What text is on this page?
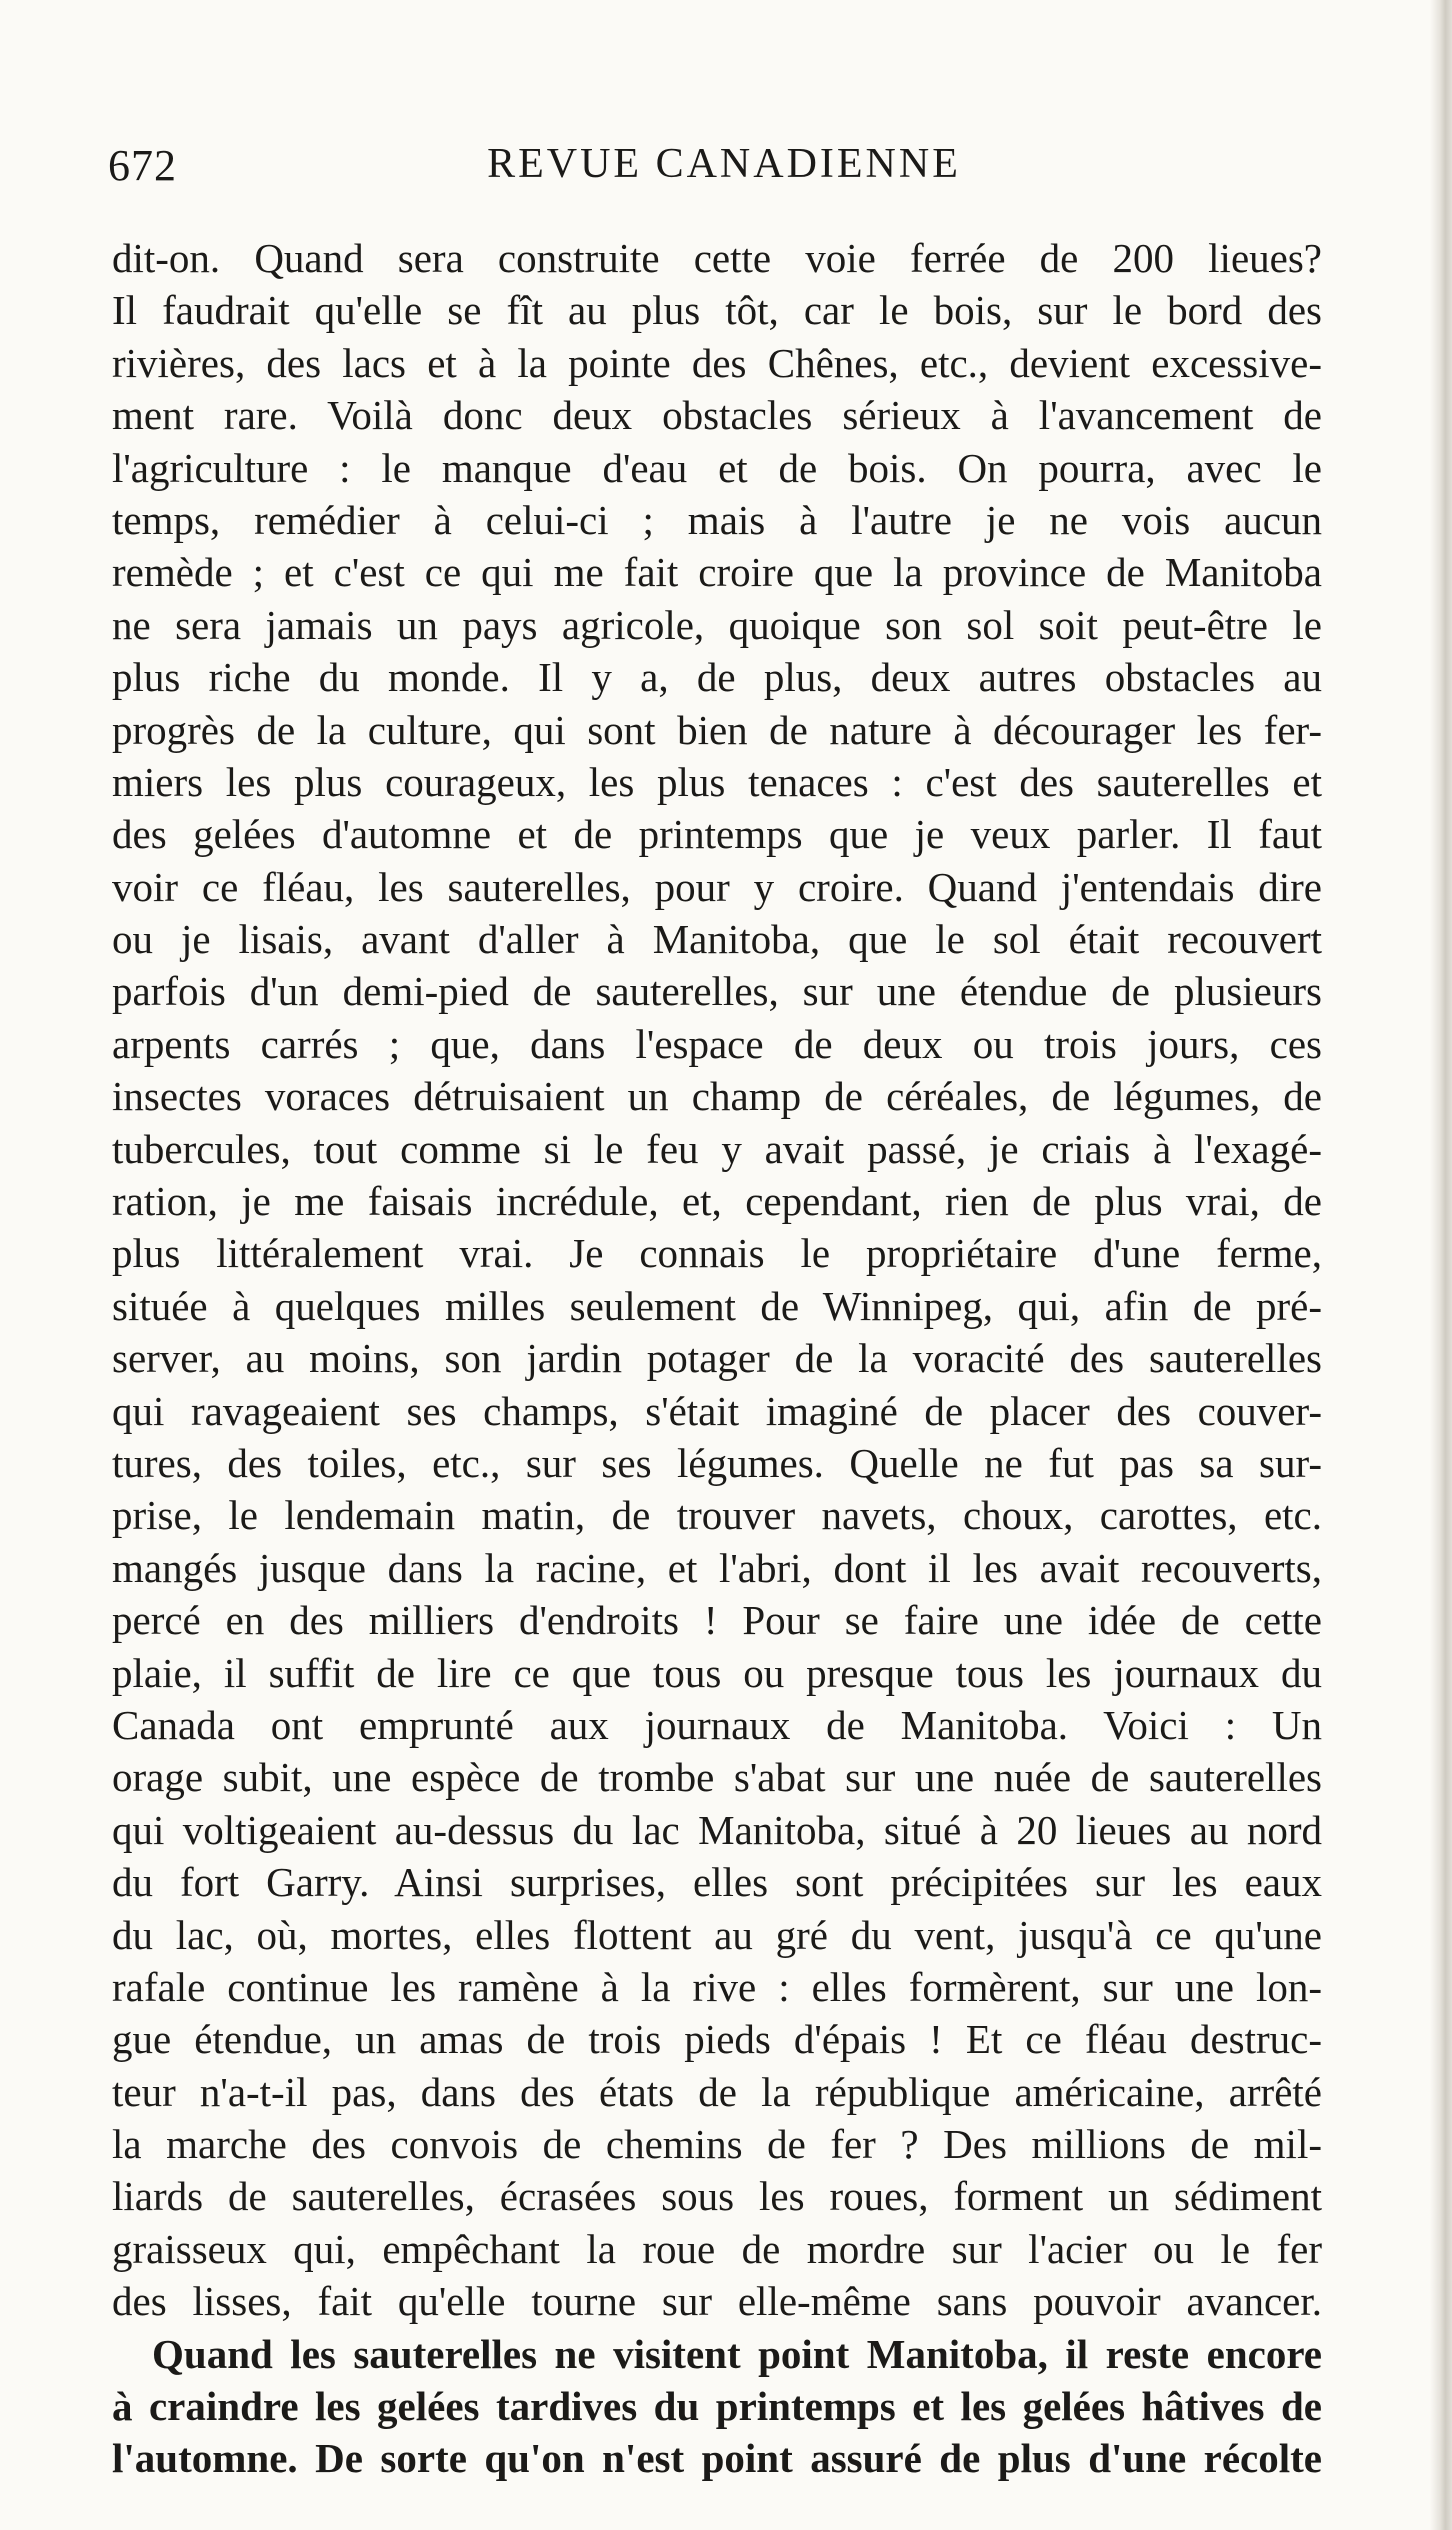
672	REVUE CANADIENNE
dit-on. Quand sera construite cette voie ferrée de 200 lieues?
Il faudrait qu'elle se fît au plus tôt, car le bois, sur le bord des
rivières, des lacs et à la pointe des Chênes, etc., devient excessive-
ment rare. Voilà donc deux obstacles sérieux à l'avancement de
l'agriculture : le manque d'eau et de bois. On pourra, avec le
temps, remédier à celui-ci ; mais à l'autre je ne vois aucun
remède ; et c'est ce qui me fait croire que la province de Manitoba
ne sera jamais un pays agricole, quoique son sol soit peut-être le
plus riche du monde. Il y a, de plus, deux autres obstacles au
progrès de la culture, qui sont bien de nature à décourager les fer-
miers les plus courageux, les plus tenaces : c'est des sauterelles et
des gelées d'automne et de printemps que je veux parler. Il faut
voir ce fléau, les sauterelles, pour y croire. Quand j'entendais dire
ou je lisais, avant d'aller à Manitoba, que le sol était recouvert
parfois d'un demi-pied de sauterelles, sur une étendue de plusieurs
arpents carrés ; que, dans l'espace de deux ou trois jours, ces
insectes voraces détruisaient un champ de céréales, de légumes, de
tubercules, tout comme si le feu y avait passé, je criais à l'exagé-
ration, je me faisais incrédule, et, cependant, rien de plus vrai, de
plus littéralement vrai. Je connais le propriétaire d'une ferme,
située à quelques milles seulement de Winnipeg, qui, afin de pré-
server, au moins, son jardin potager de la voracité des sauterelles
qui ravageaient ses champs, s'était imaginé de placer des couver-
tures, des toiles, etc., sur ses légumes. Quelle ne fut pas sa sur-
prise, le lendemain matin, de trouver navets, choux, carottes, etc.
mangés jusque dans la racine, et l'abri, dont il les avait recouverts,
percé en des milliers d'endroits ! Pour se faire une idée de cette
plaie, il suffit de lire ce que tous ou presque tous les journaux du
Canada ont emprunté aux journaux de Manitoba. Voici : Un
orage subit, une espèce de trombe s'abat sur une nuée de sauterelles
qui voltigeaient au-dessus du lac Manitoba, situé à 20 lieues au nord
du fort Garry. Ainsi surprises, elles sont précipitées sur les eaux
du lac, où, mortes, elles flottent au gré du vent, jusqu'à ce qu'une
rafale continue les ramène à la rive : elles formèrent, sur une lon-
gue étendue, un amas de trois pieds d'épais ! Et ce fléau destruc-
teur n'a-t-il pas, dans des états de la république américaine, arrêté
la marche des convois de chemins de fer ? Des millions de mil-
liards de sauterelles, écrasées sous les roues, forment un sédiment
graisseux qui, empêchant la roue de mordre sur l'acier ou le fer
des lisses, fait qu'elle tourne sur elle-même sans pouvoir avancer.
Quand les sauterelles ne visitent point Manitoba, il reste encore
à craindre les gelées tardives du printemps et les gelées hâtives de
l'automne. De sorte qu'on n'est point assuré de plus d'une récolte
